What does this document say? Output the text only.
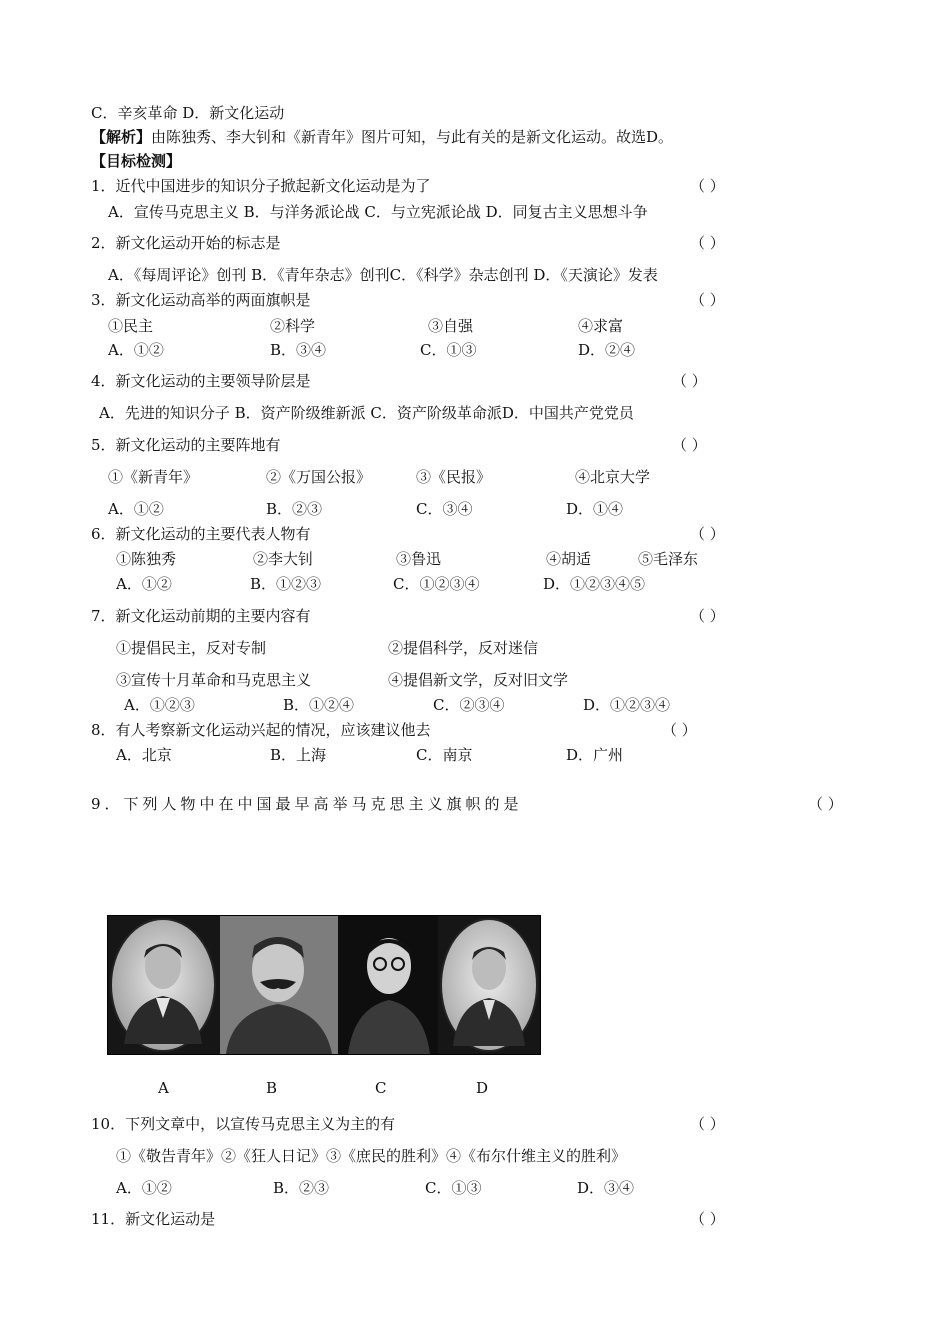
C．辛亥革命 D．新文化运动
【解析】由陈独秀、李大钊和《新青年》图片可知，与此有关的是新文化运动。故选D。
【目标检测】
1．近代中国进步的知识分子掀起新文化运动是为了	（ ）
A．宣传马克思主义 B．与洋务派论战 C．与立宪派论战 D．同复古主义思想斗争
2．新文化运动开始的标志是	（ ）
A．《每周评论》创刊 B．《青年杂志》创刊C．《科学》杂志创刊 D．《天演论》发表
3．新文化运动高举的两面旗帜是	（ ）
①民主	②科学	③自强	④求富
A．①②	B．③④	C．①③	D．②④
4．新文化运动的主要领导阶层是	（ ）
A．先进的知识分子 B．资产阶级维新派 C．资产阶级革命派D．中国共产党党员
5．新文化运动的主要阵地有	（ ）
①《新青年》	②《万国公报》	③《民报》	④北京大学
A．①②	B．②③	C．③④	D．①④
6．新文化运动的主要代表人物有	（ ）
①陈独秀	②李大钊	③鲁迅	④胡适	⑤毛泽东
A．①②	B．①②③	C．①②③④	D．①②③④⑤
7．新文化运动前期的主要内容有	（ ）
①提倡民主，反对专制	②提倡科学，反对迷信
③宣传十月革命和马克思主义	④提倡新文学，反对旧文学
A．①②③	B．①②④	C．②③④	D．①②③④
8．有人考察新文化运动兴起的情况，应该建议他去	（ ）
A．北京	B．上海	C．南京	D．广州
9．下列人物中在中国最早高举马克思主义旗帜的是	（ ）
A	B	C	D
10．下列文章中，以宣传马克思主义为主的有	（ ）
①《敬告青年》②《狂人日记》③《庶民的胜利》④《布尔什维主义的胜利》
A．①②	B．②③	C．①③	D．③④
11．新文化运动是	（ ）
